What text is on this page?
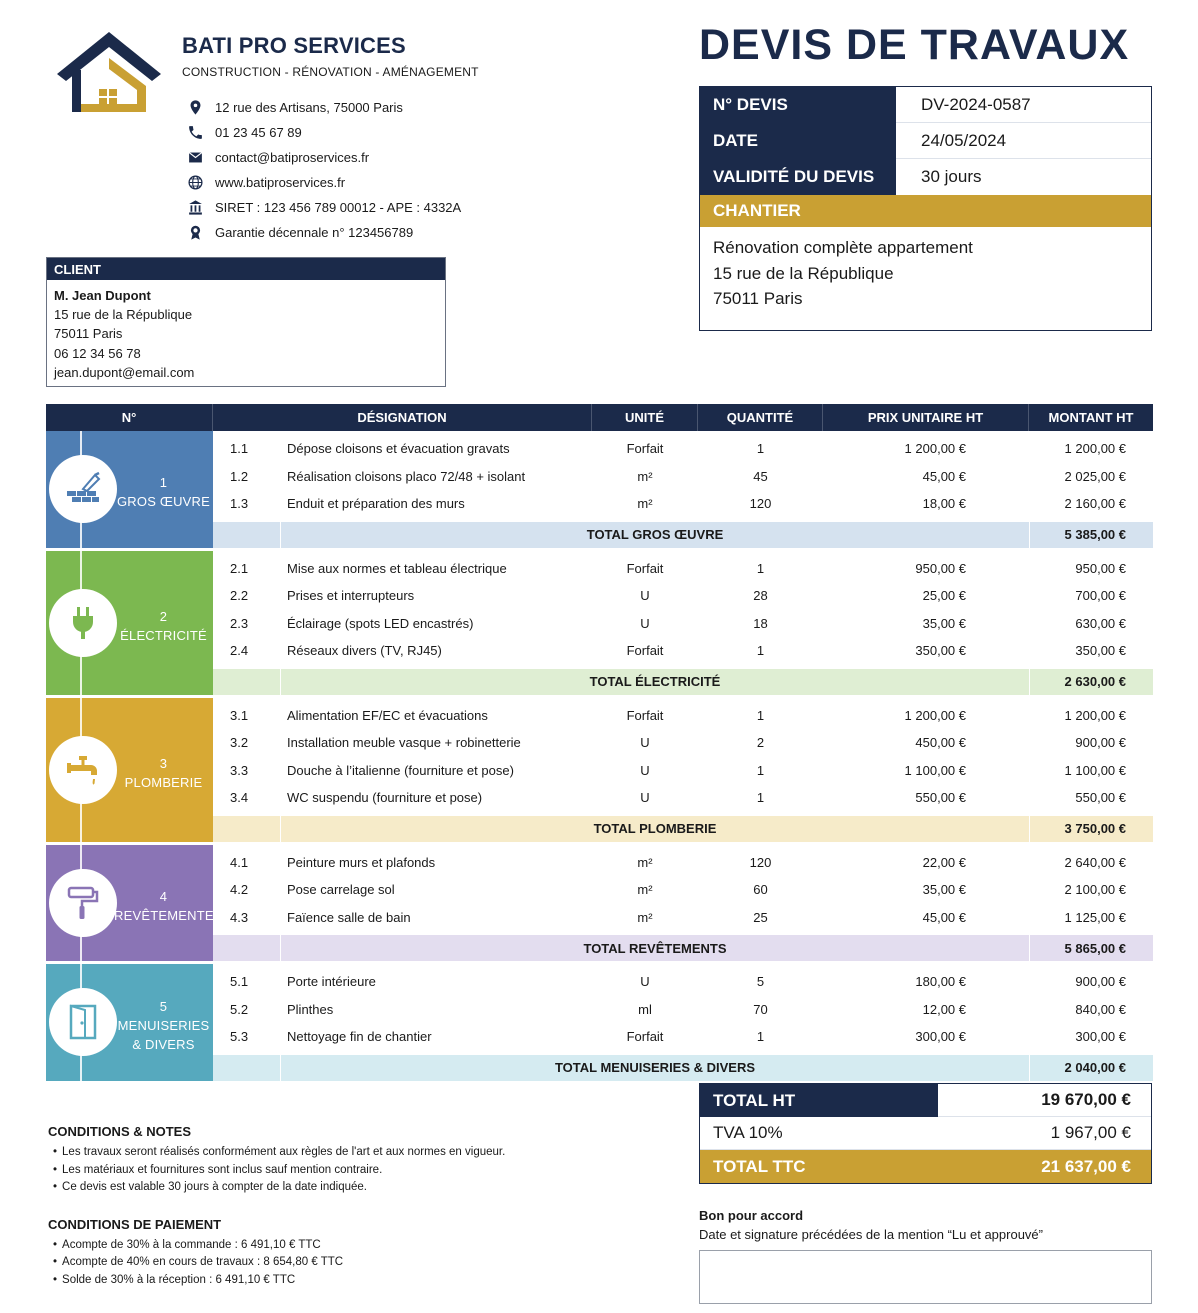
BATI PRO SERVICES
CONSTRUCTION - RÉNOVATION - AMÉNAGEMENT
12 rue des Artisans, 75000 Paris
01 23 45 67 89
contact@batiproservices.fr
www.batiproservices.fr
SIRET : 123 456 789 00012 - APE : 4332A
Garantie décennale n° 123456789
DEVIS DE TRAVAUX
N° DEVIS	DV-2024-0587
DATE	24/05/2024
VALIDITÉ DU DEVIS	30 jours
CHANTIER
Rénovation complète appartement
15 rue de la République
75011 Paris
CLIENT
M. Jean Dupont
15 rue de la République
75011 Paris
06 12 34 56 78
jean.dupont@email.com
N°	DÉSIGNATION	UNITÉ	QUANTITÉ	PRIX UNITAIRE HT	MONTANT HT
1
GROS ŒUVRE
1.1	Dépose cloisons et évacuation gravats	Forfait	1	1 200,00 €	1 200,00 €
1.2	Réalisation cloisons placo 72/48 + isolant	m²	45	45,00 €	2 025,00 €
1.3	Enduit et préparation des murs	m²	120	18,00 €	2 160,00 €
TOTAL GROS ŒUVRE	5 385,00 €
2
ÉLECTRICITÉ
2.1	Mise aux normes et tableau électrique	Forfait	1	950,00 €	950,00 €
2.2	Prises et interrupteurs	U	28	25,00 €	700,00 €
2.3	Éclairage (spots LED encastrés)	U	18	35,00 €	630,00 €
2.4	Réseaux divers (TV, RJ45)	Forfait	1	350,00 €	350,00 €
TOTAL ÉLECTRICITÉ	2 630,00 €
3
PLOMBERIE
3.1	Alimentation EF/EC et évacuations	Forfait	1	1 200,00 €	1 200,00 €
3.2	Installation meuble vasque + robinetterie	U	2	450,00 €	900,00 €
3.3	Douche à l’italienne (fourniture et pose)	U	1	1 100,00 €	1 100,00 €
3.4	WC suspendu (fourniture et pose)	U	1	550,00 €	550,00 €
TOTAL PLOMBERIE	3 750,00 €
4
REVÊTEMENTE
4.1	Peinture murs et plafonds	m²	120	22,00 €	2 640,00 €
4.2	Pose carrelage sol	m²	60	35,00 €	2 100,00 €
4.3	Faïence salle de bain	m²	25	45,00 €	1 125,00 €
TOTAL REVÊTEMENTS	5 865,00 €
5
MENUISERIES
& DIVERS
5.1	Porte intérieure	U	5	180,00 €	900,00 €
5.2	Plinthes	ml	70	12,00 €	840,00 €
5.3	Nettoyage fin de chantier	Forfait	1	300,00 €	300,00 €
TOTAL MENUISERIES & DIVERS	2 040,00 €
TOTAL HT	19 670,00 €
TVA 10%	1 967,00 €
TOTAL TTC	21 637,00 €
CONDITIONS & NOTES
• Les travaux seront réalisés conformément aux règles de l'art et aux normes en vigueur.
• Les matériaux et fournitures sont inclus sauf mention contraire.
• Ce devis est valable 30 jours à compter de la date indiquée.
CONDITIONS DE PAIEMENT
• Acompte de 30% à la commande : 6 491,10 € TTC
• Acompte de 40% en cours de travaux : 8 654,80 € TTC
• Solde de 30% à la réception : 6 491,10 € TTC
Bon pour accord
Date et signature précédées de la mention “Lu et approuvé”
